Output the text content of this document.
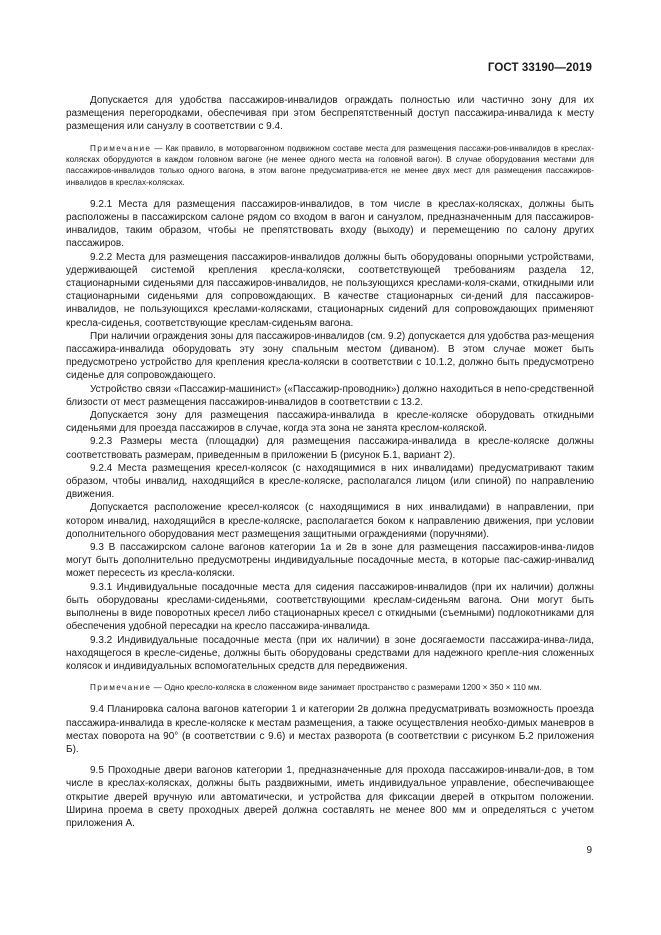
ГОСТ 33190—2019

Допускается для удобства пассажиров-инвалидов ограждать полностью или частично зону для их размещения перегородками, обеспечивая при этом беспрепятственный доступ пассажира-инвалида к месту размещения или санузлу в соответствии с 9.4.

Примечание — Как правило, в моторвагонном подвижном составе места для размещения пассажи-ров-инвалидов в креслах-колясках оборудуются в каждом головном вагоне (не менее одного места на головной вагон). В случае оборудования местами для пассажиров-инвалидов только одного вагона, в этом вагоне предусматрива-ется не менее двух мест для размещения пассажиров-инвалидов в креслах-колясках.

9.2.1 Места для размещения пассажиров-инвалидов, в том числе в креслах-колясках, должны быть расположены в пассажирском салоне рядом со входом в вагон и санузлом, предназначенным для пассажиров-инвалидов, таким образом, чтобы не препятствовать входу (выходу) и перемещению по салону других пассажиров.

9.2.2 Места для размещения пассажиров-инвалидов должны быть оборудованы опорными устройствами, удерживающей системой крепления кресла-коляски, соответствующей требованиям раздела 12, стационарными сиденьями для пассажиров-инвалидов, не пользующихся креслами-коля-сками, откидными или стационарными сиденьями для сопровождающих. В качестве стационарных си-дений для пассажиров-инвалидов, не пользующихся креслами-колясками, стационарных сидений для сопровождающих применяют кресла-сиденья, соответствующие креслам-сиденьям вагона.

При наличии ограждения зоны для пассажиров-инвалидов (см. 9.2) допускается для удобства раз-мещения пассажира-инвалида оборудовать эту зону спальным местом (диваном). В этом случае может быть предусмотрено устройство для крепления кресла-коляски в соответствии с 10.1.2, должно быть предусмотрено сиденье для сопровождающего.

Устройство связи «Пассажир-машинист» («Пассажир-проводник») должно находиться в непо-средственной близости от мест размещения пассажиров-инвалидов в соответствии с 13.2.

Допускается зону для размещения пассажира-инвалида в кресле-коляске оборудовать откидными сиденьями для проезда пассажиров в случае, когда эта зона не занята креслом-коляской.

9.2.3 Размеры места (площадки) для размещения пассажира-инвалида в кресле-коляске должны соответствовать размерам, приведенным в приложении Б (рисунок Б.1, вариант 2).

9.2.4 Места размещения кресел-колясок (с находящимися в них инвалидами) предусматривают таким образом, чтобы инвалид, находящийся в кресле-коляске, располагался лицом (или спиной) по направлению движения.

Допускается расположение кресел-колясок (с находящимися в них инвалидами) в направлении, при котором инвалид, находящийся в кресле-коляске, располагается боком к направлению движения, при условии дополнительного оборудования мест размещения защитными ограждениями (поручнями).

9.3 В пассажирском салоне вагонов категории 1а и 2в в зоне для размещения пассажиров-инва-лидов могут быть дополнительно предусмотрены индивидуальные посадочные места, в которые пас-сажир-инвалид может пересесть из кресла-коляски.

9.3.1 Индивидуальные посадочные места для сидения пассажиров-инвалидов (при их наличии) должны быть оборудованы креслами-сиденьями, соответствующими креслам-сиденьям вагона. Они могут быть выполнены в виде поворотных кресел либо стационарных кресел с откидными (съемными) подлокотниками для обеспечения удобной пересадки на кресло пассажира-инвалида.

9.3.2 Индивидуальные посадочные места (при их наличии) в зоне досягаемости пассажира-инва-лида, находящегося в кресле-сиденье, должны быть оборудованы средствами для надежного крепле-ния сложенных колясок и индивидуальных вспомогательных средств для передвижения.

Примечание — Одно кресло-коляска в сложенном виде занимает пространство с размерами 1200 × 350 × 110 мм.

9.4 Планировка салона вагонов категории 1 и категории 2в должна предусматривать возможность проезда пассажира-инвалида в кресле-коляске к местам размещения, а также осуществления необхо-димых маневров в местах поворота на 90° (в соответствии с 9.6) и местах разворота (в соответствии с рисунком Б.2 приложения Б).

9.5 Проходные двери вагонов категории 1, предназначенные для прохода пассажиров-инвали-дов, в том числе в креслах-колясках, должны быть раздвижными, иметь индивидуальное управление, обеспечивающее открытие дверей вручную или автоматически, и устройства для фиксации дверей в открытом положении. Ширина проема в свету проходных дверей должна составлять не менее 800 мм и определяться с учетом приложения А.

9
